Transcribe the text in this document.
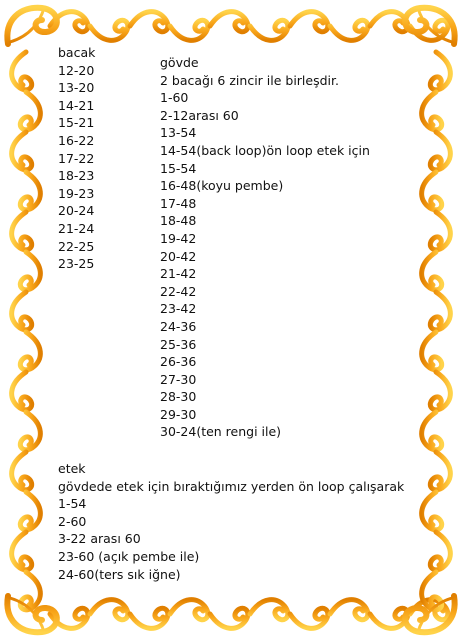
bacak
12-20
13-20
14-21
15-21
16-22
17-22
18-23
19-23
20-24
21-24
22-25
23-25
gövde
2 bacağı 6 zincir ile birleşdir.
1-60
2-12arası 60
13-54
14-54(back loop)ön loop etek için
15-54
16-48(koyu pembe)
17-48
18-48
19-42
20-42
21-42
22-42
23-42
24-36
25-36
26-36
27-30
28-30
29-30
30-24(ten rengi ile)
etek
gövdede etek için bıraktığımız yerden ön loop çalışarak
1-54
2-60
3-22 arası 60
23-60 (açık pembe ile)
24-60(ters sık iğne)
